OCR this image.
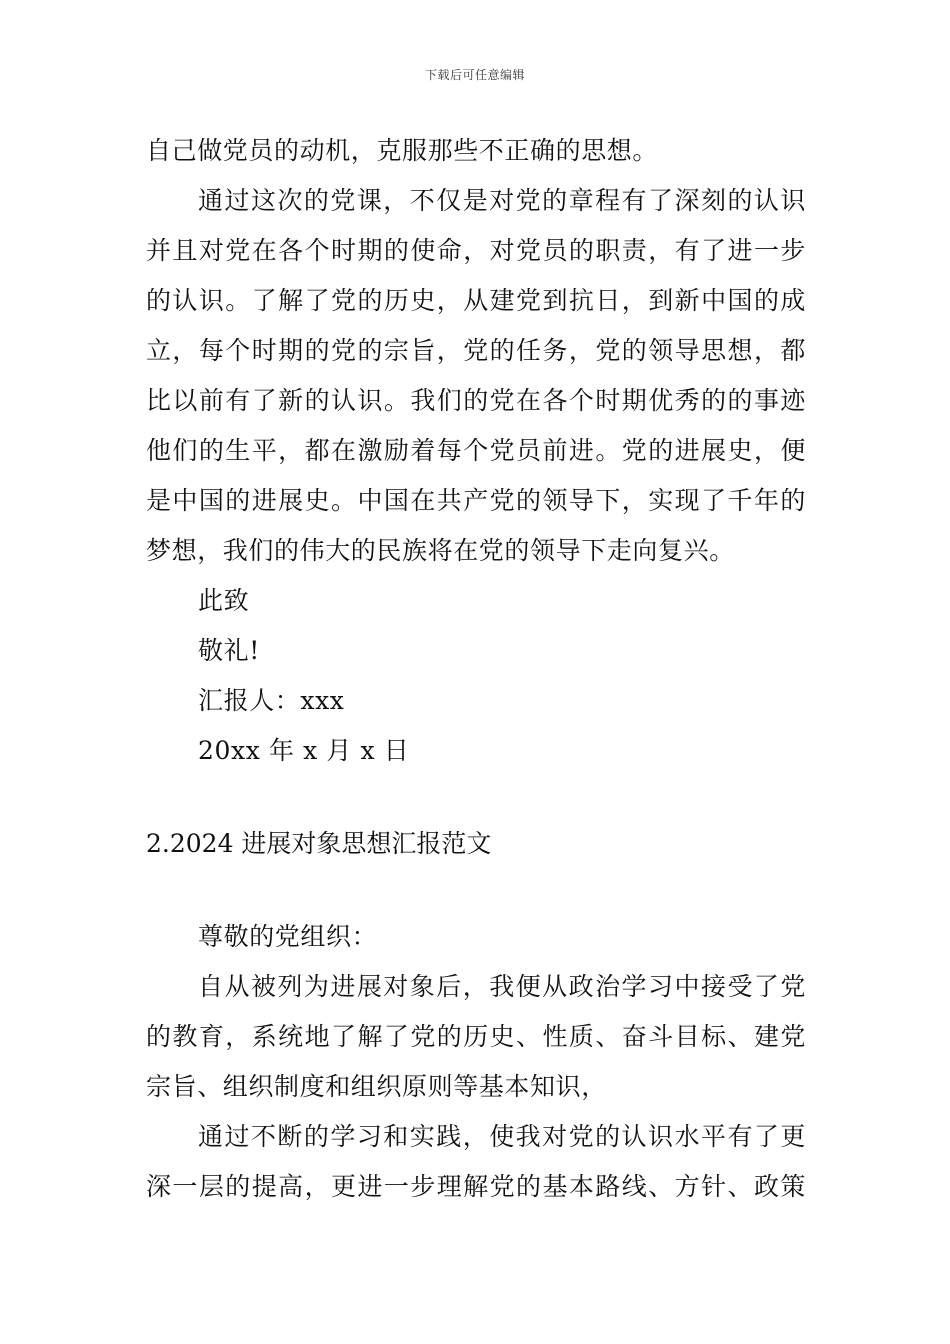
下载后可任意编辑
自己做党员的动机，克服那些不正确的思想。
通过这次的党课，不仅是对党的章程有了深刻的认识
并且对党在各个时期的使命，对党员的职责，有了进一步
的认识。了解了党的历史，从建党到抗日，到新中国的成
立，每个时期的党的宗旨，党的任务，党的领导思想，都
比以前有了新的认识。我们的党在各个时期优秀的的事迹
他们的生平，都在激励着每个党员前进。党的进展史，便
是中国的进展史。中国在共产党的领导下，实现了千年的
梦想，我们的伟大的民族将在党的领导下走向复兴。
此致
敬礼!
汇报人：xxx
20xx 年 x 月 x 日
2.2024 进展对象思想汇报范文
尊敬的党组织：
自从被列为进展对象后，我便从政治学习中接受了党
的教育，系统地了解了党的历史、性质、奋斗目标、建党
宗旨、组织制度和组织原则等基本知识，
通过不断的学习和实践，使我对党的认识水平有了更
深一层的提高，更进一步理解党的基本路线、方针、政策
